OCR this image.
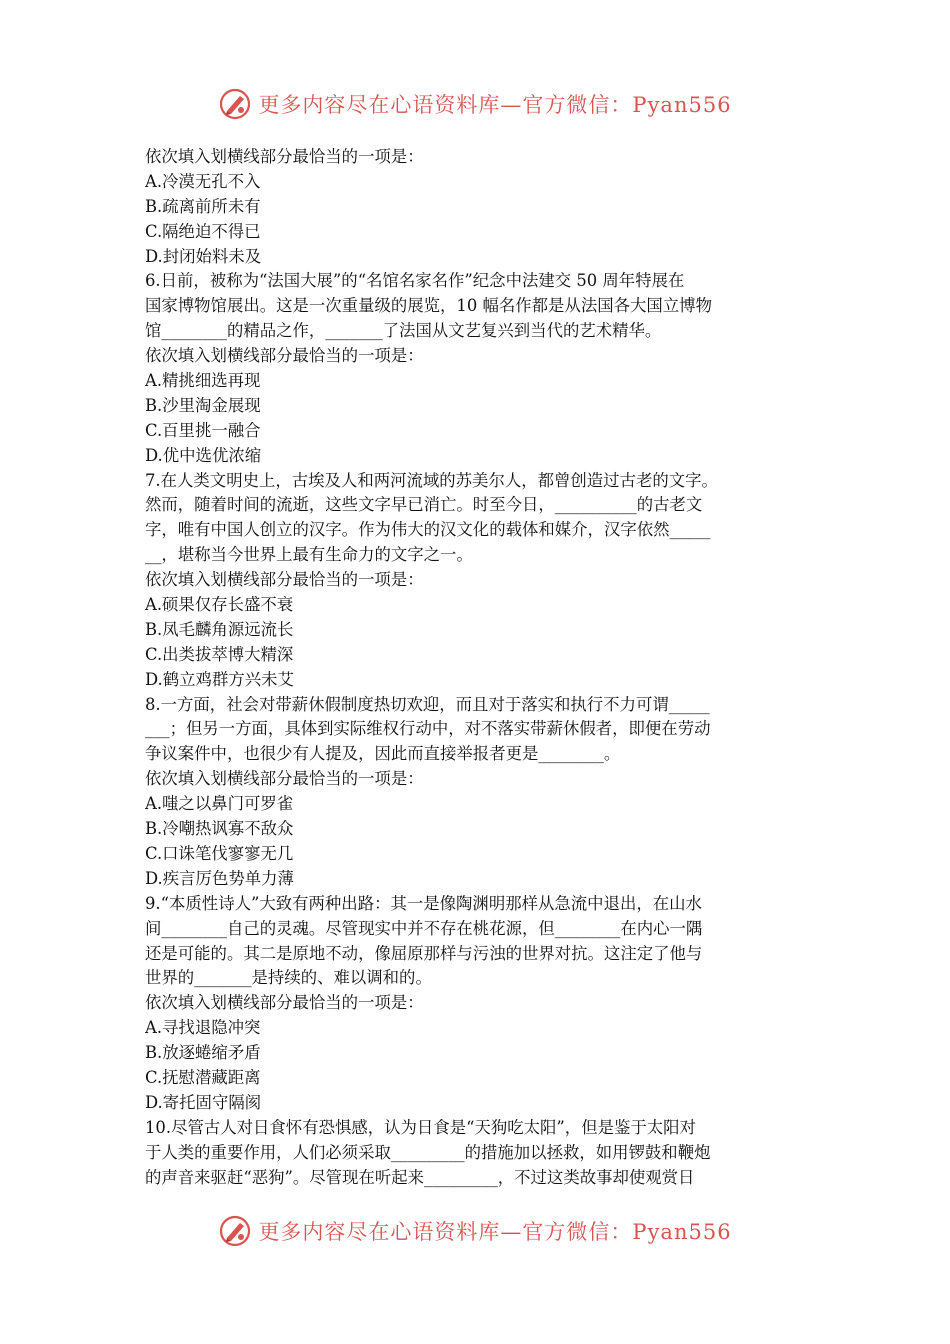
更多内容尽在心语资料库—官方微信：Pyan556
依次填入划横线部分最恰当的一项是：
A.冷漠无孔不入
B.疏离前所未有
C.隔绝迫不得已
D.封闭始料未及
6.日前，被称为“法国大展”的“名馆名家名作”纪念中法建交 50 周年特展在
国家博物馆展出。这是一次重量级的展览，10 幅名作都是从法国各大国立博物
馆________的精品之作，_______了法国从文艺复兴到当代的艺术精华。
依次填入划横线部分最恰当的一项是：
A.精挑细选再现
B.沙里淘金展现
C.百里挑一融合
D.优中选优浓缩
7.在人类文明史上，古埃及人和两河流域的苏美尔人，都曾创造过古老的文字。
然而，随着时间的流逝，这些文字早已消亡。时至今日，__________的古老文
字，唯有中国人创立的汉字。作为伟大的汉文化的载体和媒介，汉字依然_____
__，堪称当今世界上最有生命力的文字之一。
依次填入划横线部分最恰当的一项是：
A.硕果仅存长盛不衰
B.凤毛麟角源远流长
C.出类拔萃博大精深
D.鹤立鸡群方兴未艾
8.一方面，社会对带薪休假制度热切欢迎，而且对于落实和执行不力可谓_____
___；但另一方面，具体到实际维权行动中，对不落实带薪休假者，即便在劳动
争议案件中，也很少有人提及，因此而直接举报者更是________。
依次填入划横线部分最恰当的一项是：
A.嗤之以鼻门可罗雀
B.冷嘲热讽寡不敌众
C.口诛笔伐寥寥无几
D.疾言厉色势单力薄
9.“本质性诗人”大致有两种出路：其一是像陶渊明那样从急流中退出，在山水
间________自己的灵魂。尽管现实中并不存在桃花源，但________在内心一隅
还是可能的。其二是原地不动，像屈原那样与污浊的世界对抗。这注定了他与
世界的_______是持续的、难以调和的。
依次填入划横线部分最恰当的一项是：
A.寻找退隐冲突
B.放逐蜷缩矛盾
C.抚慰潜藏距离
D.寄托固守隔阂
10.尽管古人对日食怀有恐惧感，认为日食是“天狗吃太阳”，但是鉴于太阳对
于人类的重要作用，人们必须采取_________的措施加以拯救，如用锣鼓和鞭炮
的声音来驱赶“恶狗”。尽管现在听起来_________，不过这类故事却使观赏日
更多内容尽在心语资料库—官方微信：Pyan556
